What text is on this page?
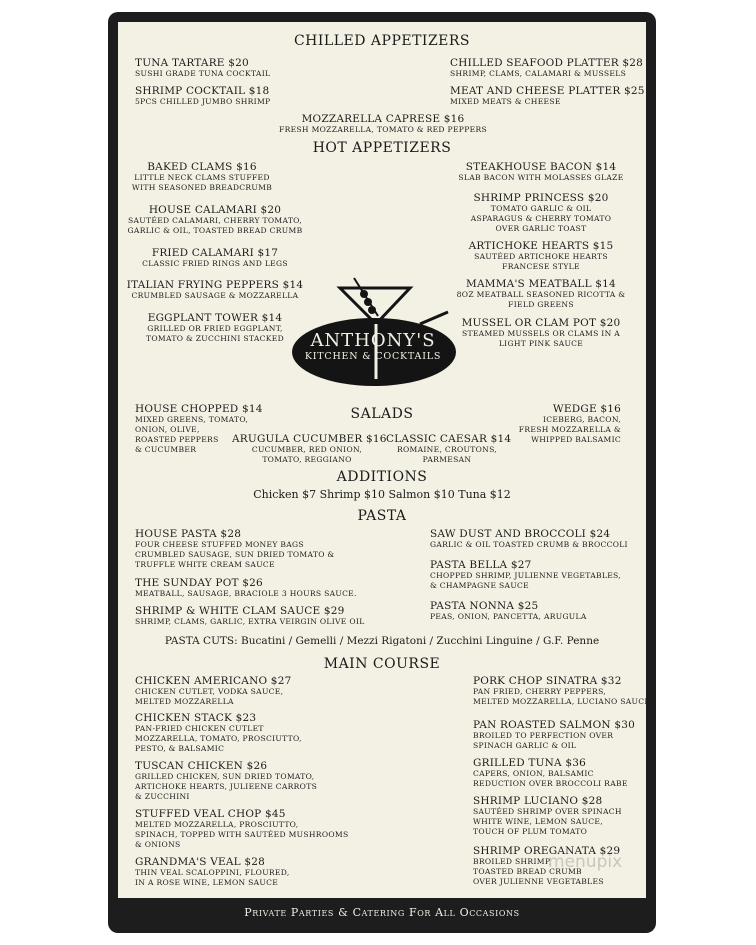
CHILLED APPETIZERS
TUNA TARTARE $20
SUSHI GRADE TUNA COCKTAIL
SHRIMP COCKTAIL $18
5PCS CHILLED JUMBO SHRIMP
CHILLED SEAFOOD PLATTER $28
SHRIMP, CLAMS, CALAMARI & MUSSELS
MEAT AND CHEESE PLATTER $25
MIXED MEATS & CHEESE
MOZZARELLA CAPRESE $16
FRESH MOZZARELLA, TOMATO & RED PEPPERS
HOT APPETIZERS
BAKED CLAMS $16
LITTLE NECK CLAMS STUFFED
WITH SEASONED BREADCRUMB
HOUSE CALAMARI $20
SAUTÉED CALAMARI, CHERRY TOMATO,
GARLIC & OIL, TOASTED BREAD CRUMB
FRIED CALAMARI $17
CLASSIC FRIED RINGS AND LEGS
ITALIAN FRYING PEPPERS $14
CRUMBLED SAUSAGE & MOZZARELLA
EGGPLANT TOWER $14
GRILLED OR FRIED EGGPLANT,
TOMATO & ZUCCHINI STACKED
STEAKHOUSE BACON $14
SLAB BACON WITH MOLASSES GLAZE
SHRIMP PRINCESS $20
TOMATO GARLIC & OIL
ASPARAGUS & CHERRY TOMATO
OVER GARLIC TOAST
ARTICHOKE HEARTS $15
SAUTÉED ARTICHOKE HEARTS
FRANCESE STYLE
MAMMA'S MEATBALL $14
8OZ MEATBALL SEASONED RICOTTA &
FIELD GREENS
MUSSEL OR CLAM POT $20
STEAMED MUSSELS OR CLAMS IN A
LIGHT PINK SAUCE
ANTHONY'S
KITCHEN & COCKTAILS
SALADS
HOUSE CHOPPED $14
MIXED GREENS, TOMATO,
ONION, OLIVE,
ROASTED PEPPERS
& CUCUMBER
ARUGULA CUCUMBER $16
CUCUMBER, RED ONION,
TOMATO, REGGIANO
CLASSIC CAESAR $14
ROMAINE, CROUTONS,
PARMESAN
WEDGE $16
ICEBERG, BACON,
FRESH MOZZARELLA &
WHIPPED BALSAMIC
ADDITIONS
Chicken $7 Shrimp $10 Salmon $10 Tuna $12
PASTA
HOUSE PASTA $28
FOUR CHEESE STUFFED MONEY BAGS
CRUMBLED SAUSAGE, SUN DRIED TOMATO &
TRUFFLE WHITE CREAM SAUCE
THE SUNDAY POT $26
MEATBALL, SAUSAGE, BRACIOLE 3 HOURS SAUCE.
SHRIMP & WHITE CLAM SAUCE $29
SHRIMP, CLAMS, GARLIC, EXTRA VEIRGIN OLIVE OIL
SAW DUST AND BROCCOLI $24
GARLIC & OIL TOASTED CRUMB & BROCCOLI
PASTA BELLA $27
CHOPPED SHRIMP, JULIENNE VEGETABLES,
& CHAMPAGNE SAUCE
PASTA NONNA $25
PEAS, ONION, PANCETTA, ARUGULA
PASTA CUTS: Bucatini / Gemelli / Mezzi Rigatoni / Zucchini Linguine / G.F. Penne
MAIN COURSE
CHICKEN AMERICANO $27
CHICKEN CUTLET, VODKA SAUCE,
MELTED MOZZARELLA
CHICKEN STACK $23
PAN-FRIED CHICKEN CUTLET
MOZZARELLA, TOMATO, PROSCIUTTO,
PESTO, & BALSAMIC
TUSCAN CHICKEN $26
GRILLED CHICKEN, SUN DRIED TOMATO,
ARTICHOKE HEARTS, JULIEENE CARROTS
& ZUCCHINI
STUFFED VEAL CHOP $45
MELTED MOZZARELLA, PROSCIUTTO,
SPINACH, TOPPED WITH SAUTÉED MUSHROOMS
& ONIONS
GRANDMA'S VEAL $28
THIN VEAL SCALOPPINI, FLOURED,
IN A ROSE WINE, LEMON SAUCE
PORK CHOP SINATRA $32
PAN FRIED, CHERRY PEPPERS,
MELTED MOZZARELLA, LUCIANO SAUCE
PAN ROASTED SALMON $30
BROILED TO PERFECTION OVER
SPINACH GARLIC & OIL
GRILLED TUNA $36
CAPERS, ONION, BALSAMIC
REDUCTION OVER BROCCOLI RABE
SHRIMP LUCIANO $28
SAUTÉED SHRIMP OVER SPINACH
WHITE WINE, LEMON SAUCE,
TOUCH OF PLUM TOMATO
SHRIMP OREGANATA $29
BROILED SHRIMP,
TOASTED BREAD CRUMB
OVER JULIENNE VEGETABLES
menupix
Private Parties & Catering For All Occasions
